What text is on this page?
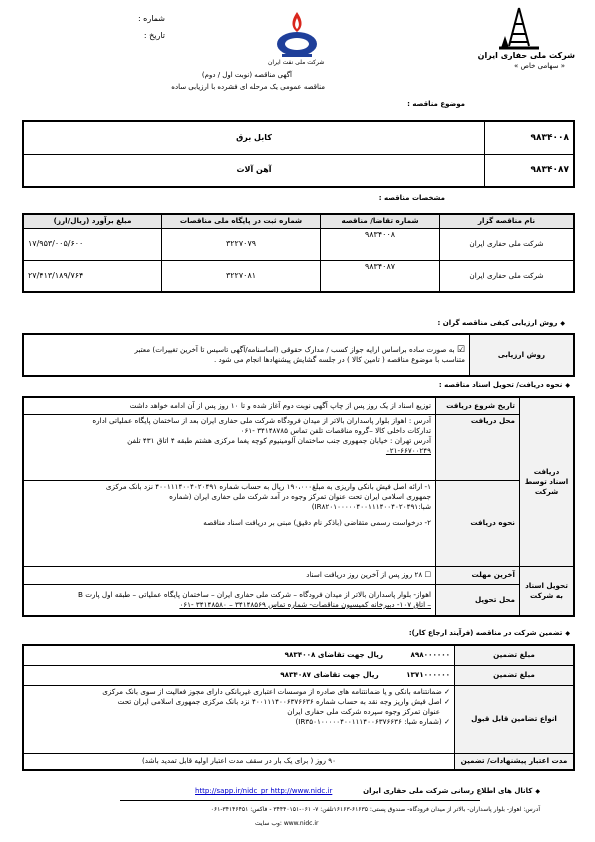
شماره :
تاریخ :
شرکت ملی نفت ایران
شرکت ملی حفاری ایران
« سهامی خاص »
آگهی مناقصه (نوبت اول / دوم)
مناقصه عمومی یک مرحله ای فشرده با ارزیابی ساده
موضوع مناقصه :
۹۸۳۴۰۰۸	کابل برق
۹۸۳۴۰۸۷	آهن آلات
مشخصات مناقصه :
نام مناقصه گزار	شماره تقاضا/ مناقصه	شماره ثبت در پایگاه ملی مناقصات	مبلغ برآورد (ریال/ارز)
شرکت ملی حفاری ایران	۹۸۳۴۰۰۸	۳۲۲۷۰۷۹	۱۷/۹۵۳/۰۰۵/۶۰۰
شرکت ملی حفاری ایران	۹۸۳۴۰۸۷	۳۲۲۷۰۸۱	۲۷/۴۱۳/۱۸۹/۷۶۴
◆ روش ارزیابی کیفی مناقصه گران :
روش ارزیابی	☑ به صورت ساده براساس ارایه جواز کسب / مدارک حقوقی (اساسنامه/آگهی تاسیس تا آخرین تغییرات) معتبر
متناسب با موضوع مناقصه ( تامین کالا ) در جلسه گشایش پیشنهادها انجام می شود .
◆ نحوه دریافت/ تحویل اسناد مناقصه :
دریافت اسناد توسط شرکت	تاریخ شروع دریافت	توزیع اسناد از یک روز پس از چاپ آگهی نوبت دوم آغاز شده و تا ۱۰ روز پس از آن ادامه خواهد داشت
	محل دریافت	آدرس : اهواز بلوار پاسداران بالاتر از میدان فرودگاه شرکت ملی حفاری ایران بعد از ساختمان پایگاه عملیاتی اداره
تدارکات داخلی کالا –گروه مناقصات تلفن تماس ۳۴۱۴۸۷۸۵ -۰۶۱
آدرس تهران : خیابان جمهوری جنب ساختمان آلومینیوم کوچه یغما مرکزی هشتم طبقه ۴ اتاق ۴۳۱ تلفن
۰۲۱-۶۶۷۰۰۲۴۹

	نحوه دریافت	۱- ارائه اصل فیش بانکی واریزی به مبلغ۱۹۰،۰۰۰ ریال به حساب شماره ۴۰۰۱۱۱۴۰۰۴۰۲۰۴۹۱ نزد بانک مرکزی
جمهوری اسلامی ایران تحت عنوان تمرکز وجوه در آمد شرکت ملی حفاری ایران (شماره
شبا:IR۸۲۰۱۰۰۰۰۰۴۰۰۱۱۱۴۰۰۴۰۲۰۴۹۱)
۲- درخواست رسمی متقاضی (باذکر نام دقیق) مبنی بر دریافت اسناد مناقصه

تحویل اسناد به شرکت	آخرین مهلت	☐ ۲۸ روز پس از آخرین روز دریافت اسناد
	محل تحویل	اهواز- بلوار پاسداران بالاتر از میدان فرودگاه – شرکت ملی حفاری ایران – ساختمان پایگاه عملیاتی – طبقه اول پارت B
– اتاق ۱۰۷- دبیرخانه کمیسیون مناقصات- شماره تماس ۳۴۱۴۸۵۶۹ – ۳۴۱۴۸۵۸۰ -۰۶۱
◆ تضمین شرکت در مناقصه (فرآیند ارجاع کار):
مبلغ تضمین	۸۹۸۰۰۰۰۰۰ ریال جهت تقاضای ۹۸۳۴۰۰۸
مبلغ تضمین	۱۳۷۱۰۰۰۰۰۰ ریال جهت تقاضای ۹۸۳۴۰۸۷
انواع تضامین قابل قبول	✓ ضمانتنامه بانکی و یا ضمانتنامه های صادره از موسسات اعتباری غیربانکی دارای مجوز فعالیت از سوی بانک مرکزی
✓ اصل فیش واریز وجه نقد به حساب شماره ۴۰۰۱۱۱۴۰۰۶۳۷۶۶۳۶ نزد بانک مرکزی جمهوری اسلامی ایران تحت
عنوان تمرکز وجوه سپرده شرکت ملی حفاری ایران
✓ (شماره شبا: IR۳۵۰۱۰۰۰۰۰۴۰۰۱۱۱۴۰۰۶۳۷۶۶۳۶)

مدت اعتبار پیشنهادات/ تضمین	۹۰ روز ( برای یک بار در سقف مدت اعتبار اولیه قابل تمدید باشد)
◆ کانال های اطلاع رسانی شرکت ملی حفاری ایران
http://sapp.ir/nidc_pr http://www.nidc.ir
آدرس: اهواز- بلوار پاسداران- بالاتر از میدان فرودگاه- صندوق پستی: ۶۱۶۳۵-۱۶۱۶۳تلفن: ۷- ۰۶۱-۳۴۴۴۰۱۵۱ - فاکس: ۳۴۱۴۶۴۵۱-۰۶۱
www.nidc.ir :وب سایت
